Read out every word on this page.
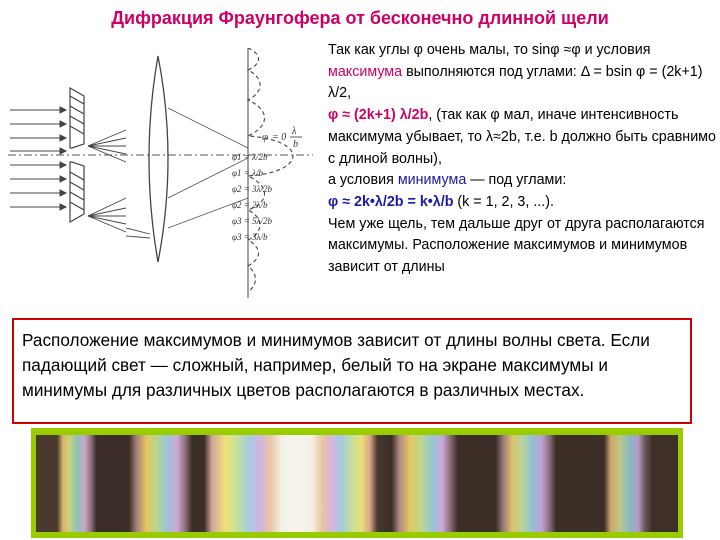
Дифракция Фраунгофера от бесконечно длинной щели
φ = 0
λ
b
φ1 = λ/2b
φ1 = λ/b
φ2 = 3λ/2b
φ2 = 2λ/b
φ3 = 5λ/2b
φ3 = 3λ/b

Так как углы φ очень малы, то sinφ ≈φ и условия максимума выполняются под углами: Δ = bsin φ = (2k+1) λ/2,

φ ≈ (2k+1) λ/2b, (так как φ мал, иначе интенсивность максимума убывает, то λ≈2b, т.е. b должно быть сравнимо с длиной волны),

а условия минимума — под углами:

φ ≈ 2k•λ/2b = k•λ/b (k = 1, 2, 3, ...).

Чем уже щель, тем дальше друг от друга располагаются максимумы. Расположение максимумов и минимумов зависит от длины

Расположение максимумов и минимумов зависит от длины волны света. Если падающий свет — сложный, например, белый то на экране максимумы и минимумы для различных цветов располагаются в различных местах.
